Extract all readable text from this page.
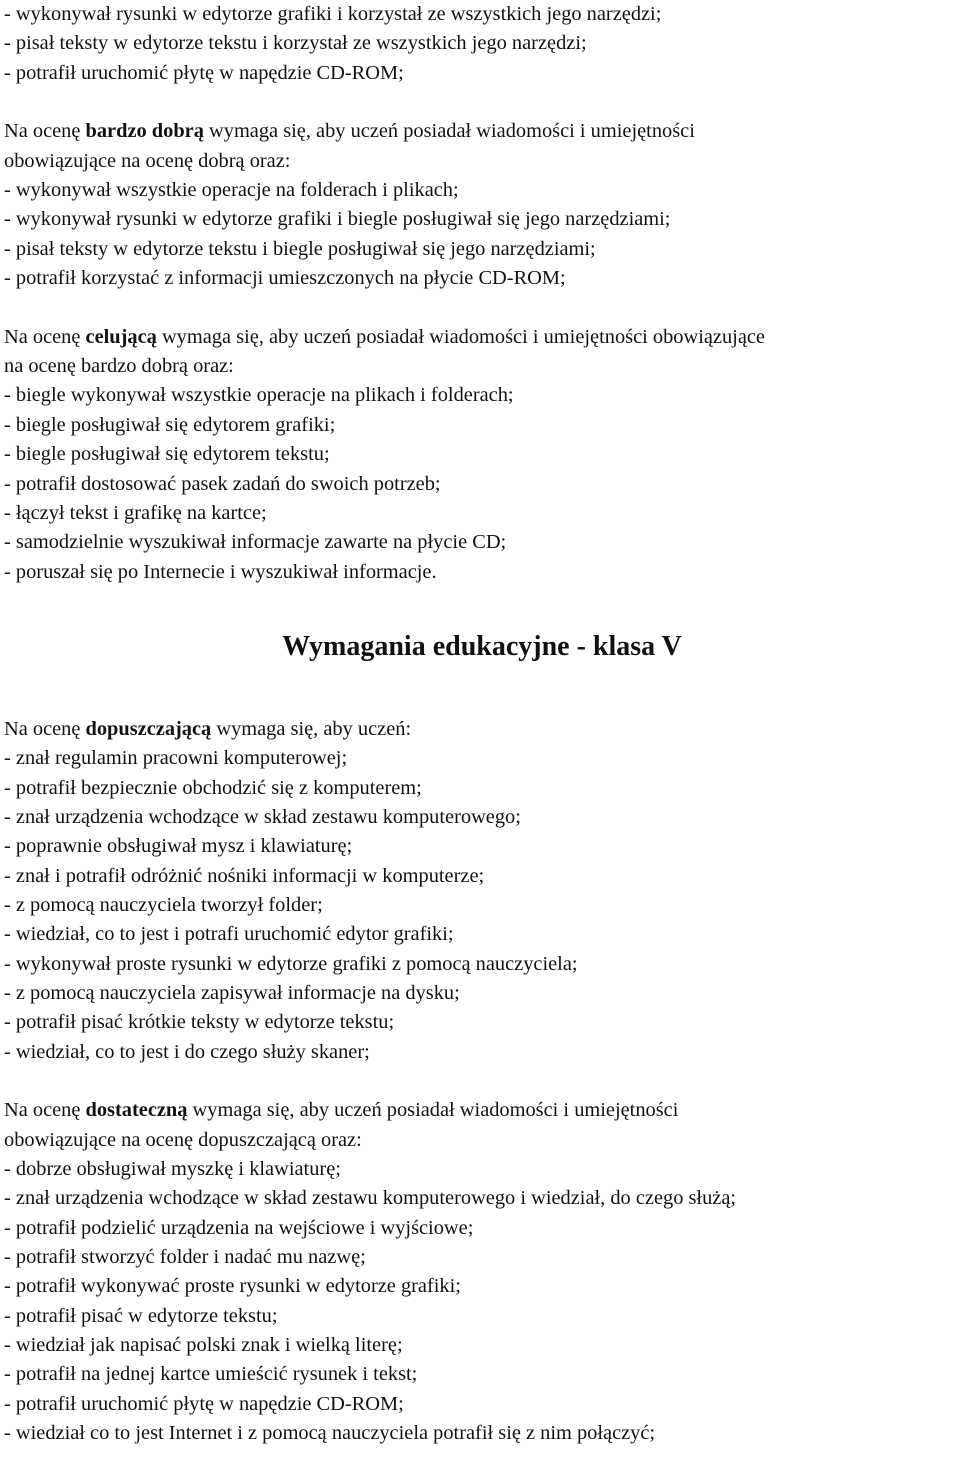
- wykonywał rysunki w edytorze grafiki i korzystał ze wszystkich jego narzędzi;
- pisał teksty w edytorze tekstu i korzystał ze wszystkich jego narzędzi;
- potrafił uruchomić płytę w napędzie CD-ROM;
Na ocenę bardzo dobrą wymaga się, aby uczeń posiadał wiadomości i umiejętności
obowiązujące na ocenę dobrą oraz:
- wykonywał wszystkie operacje na folderach i plikach;
- wykonywał rysunki w edytorze grafiki i biegle posługiwał się jego narzędziami;
- pisał teksty w edytorze tekstu i biegle posługiwał się jego narzędziami;
- potrafił korzystać z informacji umieszczonych na płycie CD-ROM;
Na ocenę celującą wymaga się, aby uczeń posiadał wiadomości i umiejętności obowiązujące
na ocenę bardzo dobrą oraz:
- biegle wykonywał wszystkie operacje na plikach i folderach;
- biegle posługiwał się edytorem grafiki;
- biegle posługiwał się edytorem tekstu;
- potrafił dostosować pasek zadań do swoich potrzeb;
- łączył tekst i grafikę na kartce;
- samodzielnie wyszukiwał informacje zawarte na płycie CD;
- poruszał się po Internecie i wyszukiwał informacje.
Wymagania edukacyjne - klasa V
Na ocenę dopuszczającą wymaga się, aby uczeń:
- znał regulamin pracowni komputerowej;
- potrafił bezpiecznie obchodzić się z komputerem;
- znał urządzenia wchodzące w skład zestawu komputerowego;
- poprawnie obsługiwał mysz i klawiaturę;
- znał i potrafił odróżnić nośniki informacji w komputerze;
- z pomocą nauczyciela tworzył folder;
- wiedział, co to jest i potrafi uruchomić edytor grafiki;
- wykonywał proste rysunki w edytorze grafiki z pomocą nauczyciela;
- z pomocą nauczyciela zapisywał informacje na dysku;
- potrafił pisać krótkie teksty w edytorze tekstu;
- wiedział, co to jest i do czego służy skaner;
Na ocenę dostateczną wymaga się, aby uczeń posiadał wiadomości i umiejętności
obowiązujące na ocenę dopuszczającą oraz:
- dobrze obsługiwał myszkę i klawiaturę;
- znał urządzenia wchodzące w skład zestawu komputerowego i wiedział, do czego służą;
- potrafił podzielić urządzenia na wejściowe i wyjściowe;
- potrafił stworzyć folder i nadać mu nazwę;
- potrafił wykonywać proste rysunki w edytorze grafiki;
- potrafił pisać w edytorze tekstu;
- wiedział jak napisać polski znak i wielką literę;
- potrafił na jednej kartce umieścić rysunek i tekst;
- potrafił uruchomić płytę w napędzie CD-ROM;
- wiedział co to jest Internet i z pomocą nauczyciela potrafił się z nim połączyć;
